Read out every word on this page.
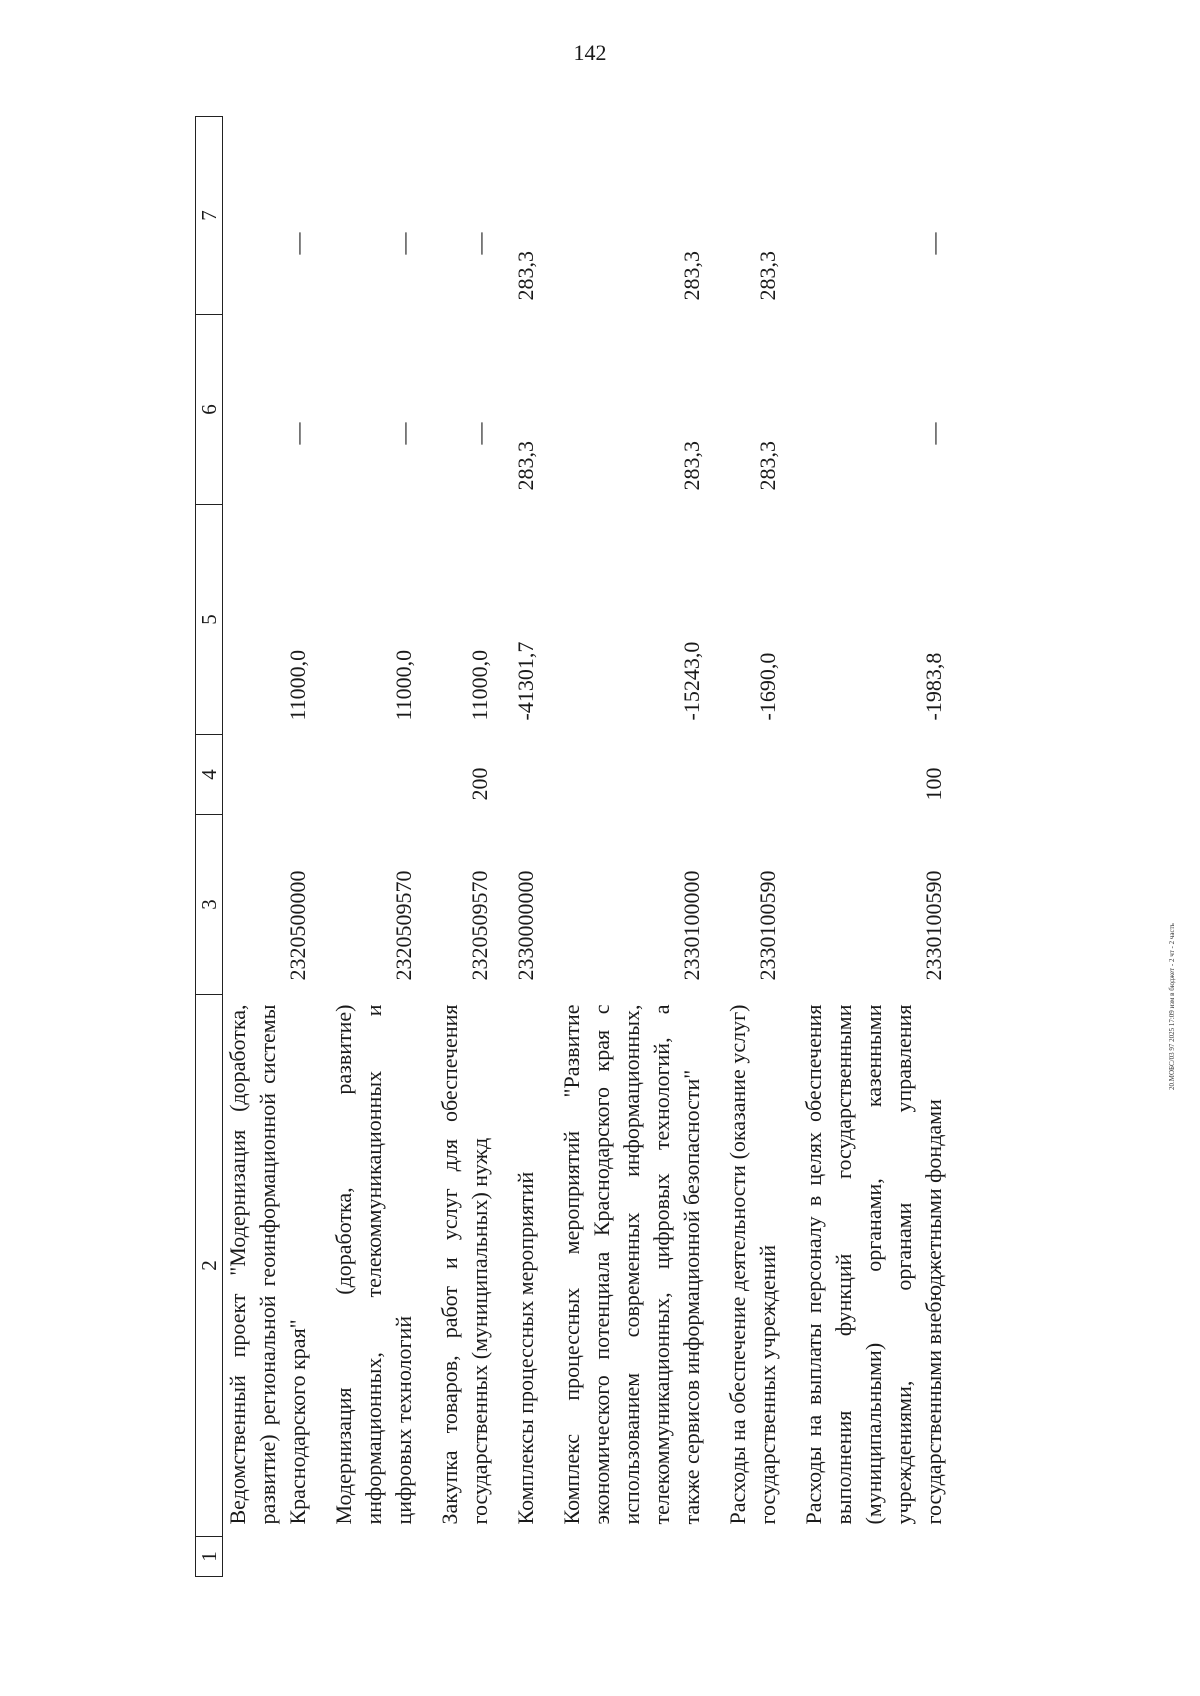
142
1	2	3	4	5	6	7
	Ведомственный проект "Модернизация (доработка, развитие) региональной геоинформационной системы Краснодарского края"	2320500000		11000,0	—	—
	Модернизация (доработка, развитие) информационных, телекоммуникационных и цифровых технологий	2320509570		11000,0	—	—
	Закупка товаров, работ и услуг для обеспечения государственных (муниципальных) нужд	2320509570	200	11000,0	—	—
	Комплексы процессных мероприятий	2330000000		-41301,7	283,3	283,3
	Комплекс процессных мероприятий "Развитие экономического потенциала Краснодарского края с использованием современных информационных, телекоммуникационных, цифровых технологий, а также сервисов информационной безопасности"	2330100000		-15243,0	283,3	283,3
	Расходы на обеспечение деятельности (оказание услуг) государственных учреждений	2330100590		-1690,0	283,3	283,3
	Расходы на выплаты персоналу в целях обеспечения выполнения функций государственными (муниципальными) органами, казенными учреждениями, органами управления государственными внебюджетными фондами	2330100590	100	-1983,8	—	—
20.МОБС/03 97 2025 17:09 изм в бюджет - 2 чт - 2 часть
